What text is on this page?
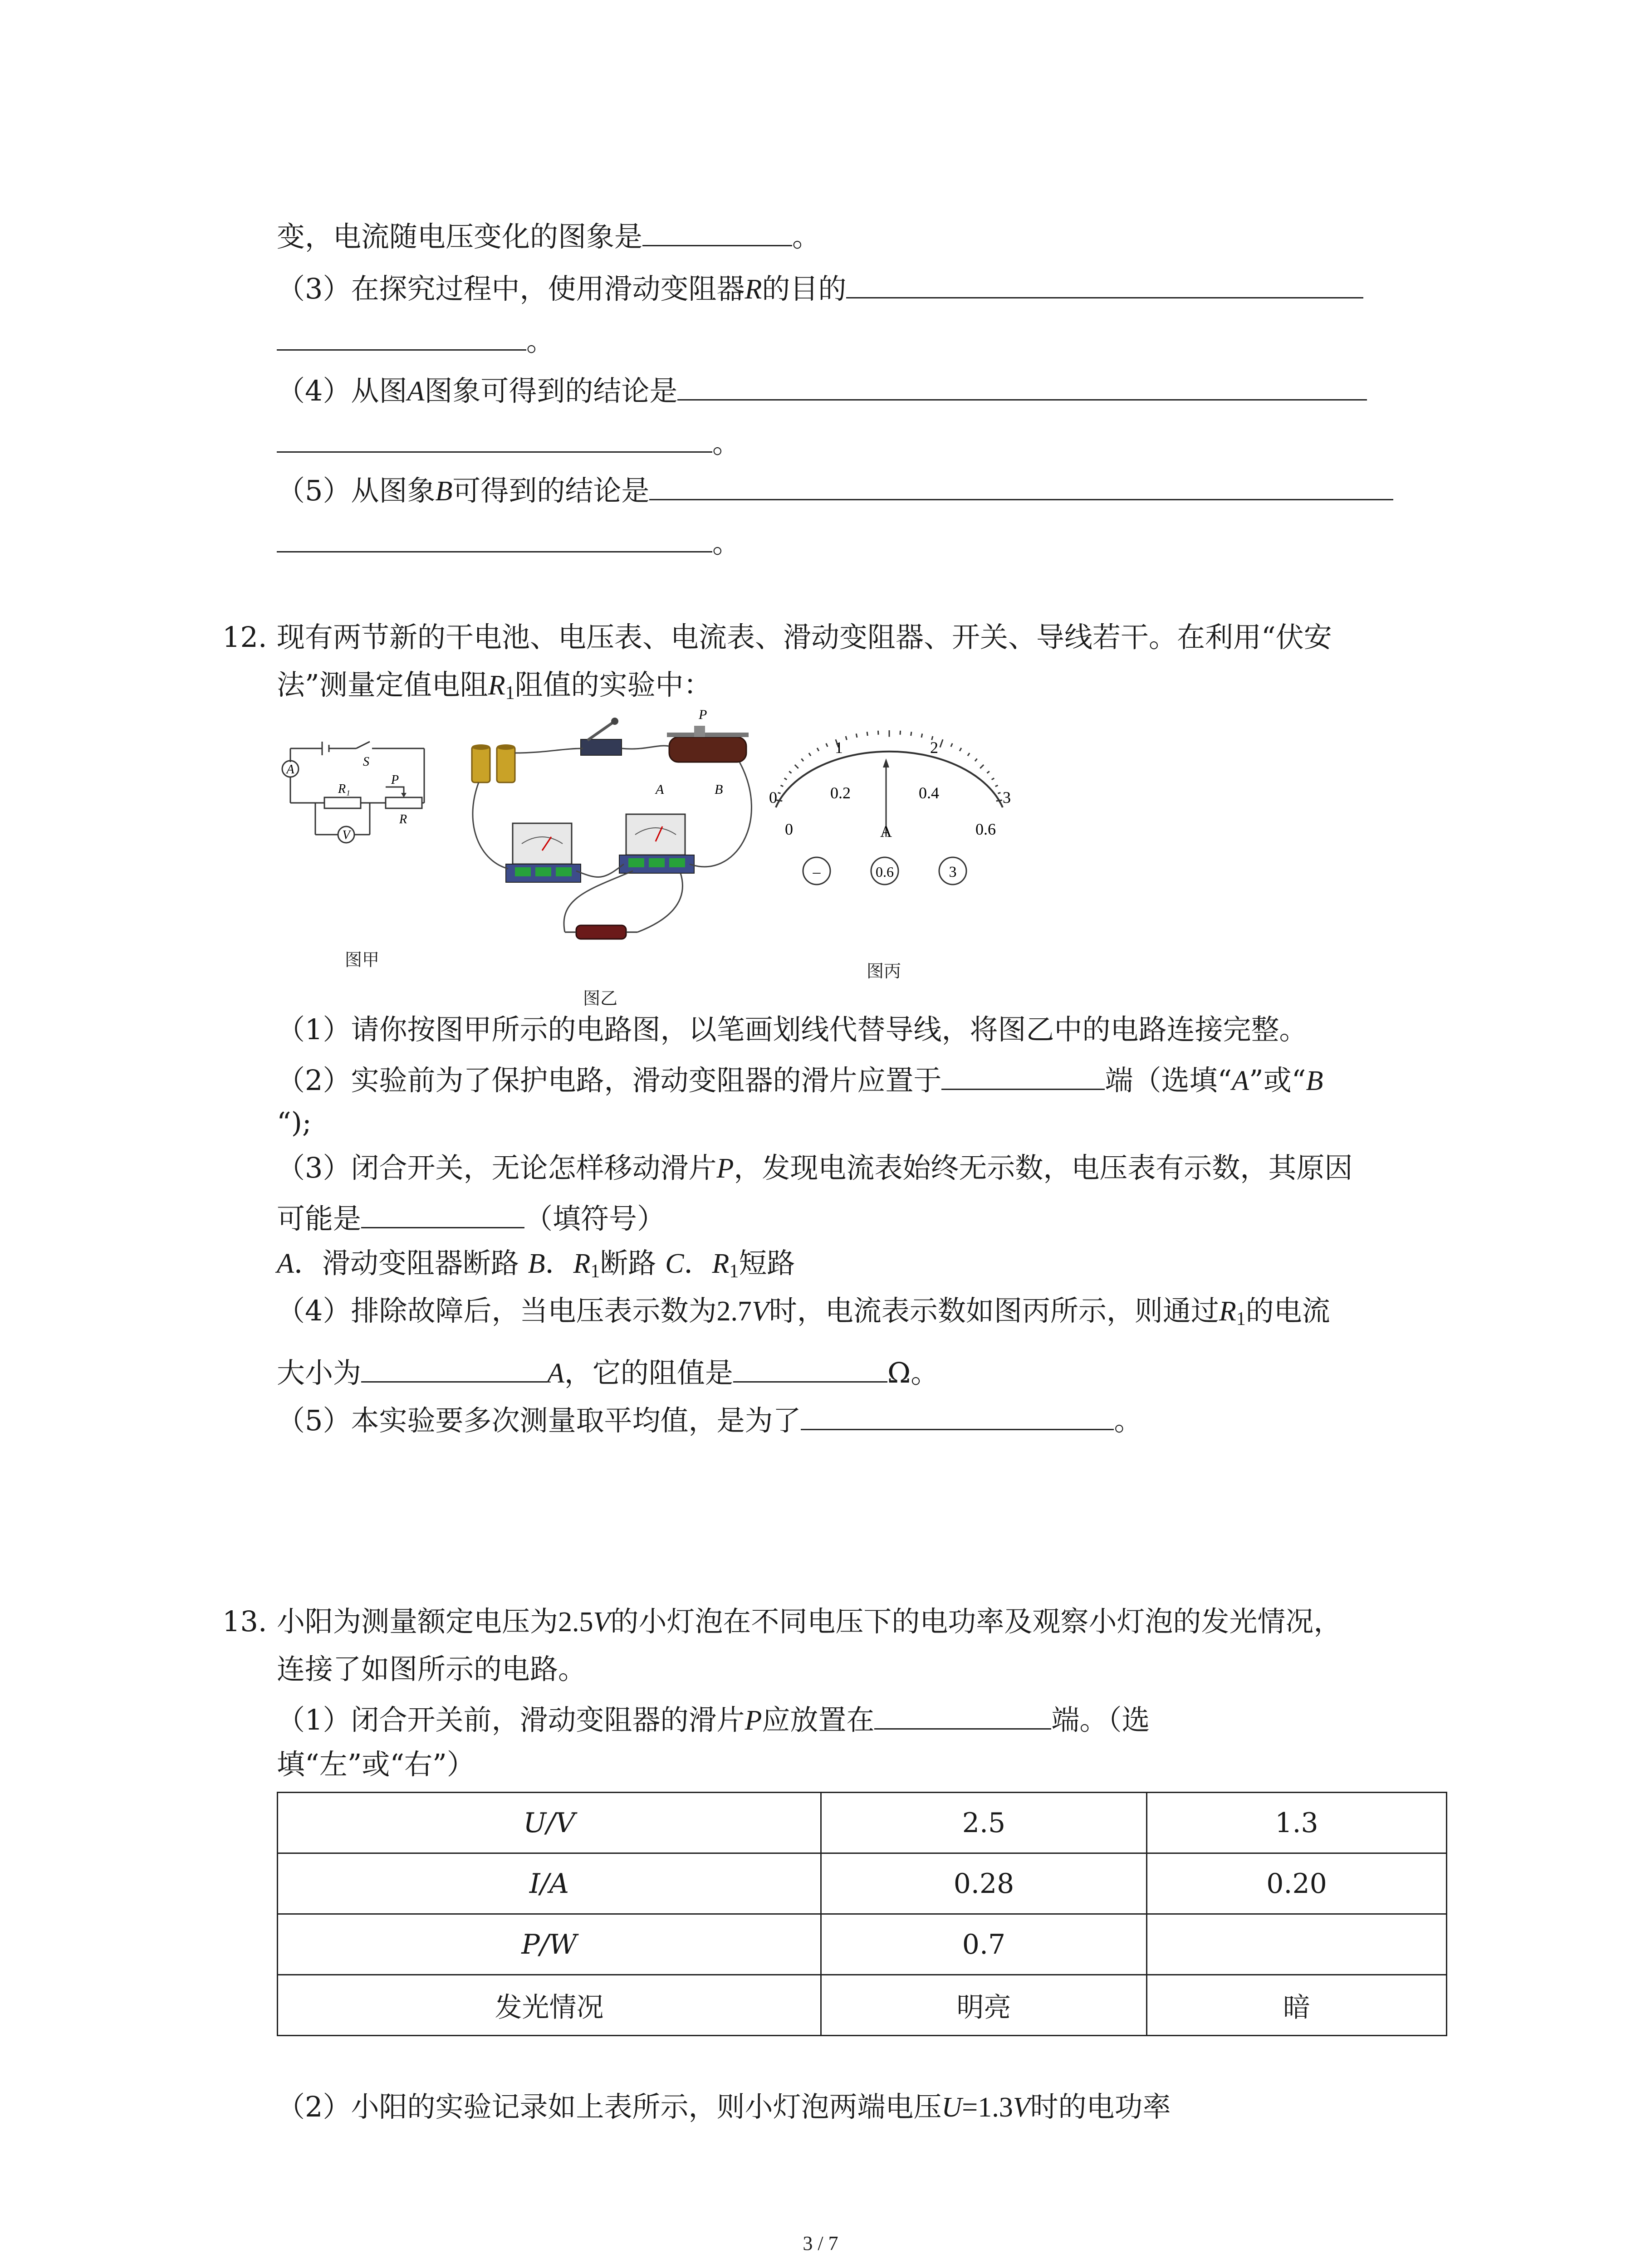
变，电流随电压变化的图象是	。
（3）在探究过程中，使用滑动变阻器R的目的
。
（4）从图A图象可得到的结论是
。
（5）从图象B可得到的结论是
。
12. 现有两节新的干电池、电压表、电流表、滑动变阻器、开关、导线若干。在利用“伏安
法”测量定值电阻$R_1$阻值的实验中：
A
V
S
R₁
P
R
图甲
P
A	B
图乙
0
1	2
3
0
0.2	0.4
0.6
A
–	0.6	3
图丙
（1）请你按图甲所示的电路图，以笔画划线代替导线，将图乙中的电路连接完整。
（2）实验前为了保护电路，滑动变阻器的滑片应置于	端（选填“A”或“B
“);
（3）闭合开关，无论怎样移动滑片P，发现电流表始终无示数，电压表有示数，其原因
可能是	（填符号）
A．滑动变阻器断路 B．$R_1$断路 C．$R_1$短路
（4）排除故障后，当电压表示数为2.7V时，电流表示数如图丙所示，则通过$R_1$的电流
大小为	A，它的阻值是	Ω。
（5）本实验要多次测量取平均值，是为了	。
13. 小阳为测量额定电压为2.5V的小灯泡在不同电压下的电功率及观察小灯泡的发光情况，
连接了如图所示的电路。
（1）闭合开关前，滑动变阻器的滑片P应放置在	端。（选
填“左”或“右”）
U/V	2.5	1.3
I/A	0.28	0.20
P/W	0.7	
发光情况	明亮	暗
（2）小阳的实验记录如上表所示，则小灯泡两端电压U=1.3V时的电功率
3 / 7
